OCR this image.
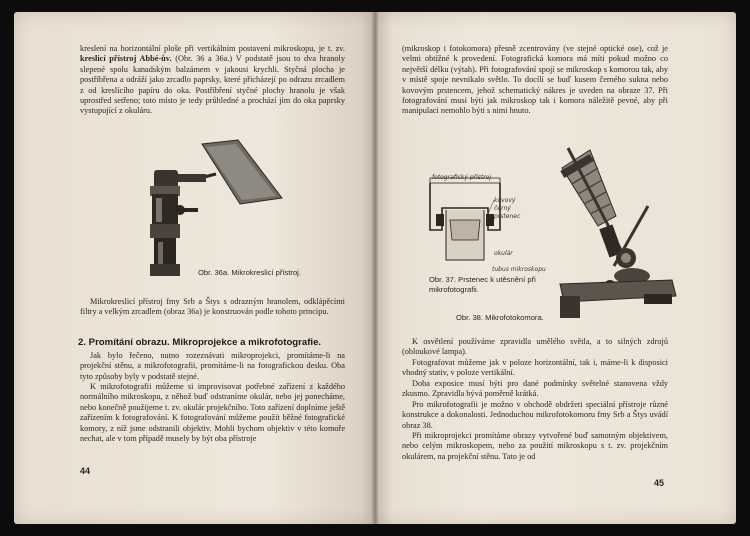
kreslení na horizontální ploše při vertikálním postavení mikroskopu, je t. zv. kreslicí přístroj Abbé-ův. (Obr. 36 a 36a.) V podstatě jsou to dva hranoly slepené spolu kanadským balzámem v jakousi krychli. Styčná plocha je postříbřena a odráží jako zrcadlo paprsky, které přicházejí po odrazu zrcadlem z od kreslícího papíru do oka. Postříbření styčné plochy hranolu je však uprostřed setřeno; toto místo je tedy průhledné a prochází jím do oka paprsky vystupující z okuláru.

Obr. 36a. Mikrokreslicí přístroj.
Mikrokreslicí přístroj fmy Srb a Štys s odrazným hranolem, odklápěcími filtry a velkým zrcadlem (obraz 36a) je konstruován podle tohoto principu.
2. Promítání obrazu. Mikroprojekce a mikrofotografie.
Jak bylo řečeno, nutno rozeznávati mikroprojekci, promítáme-li na projekční stěnu, a mikrofotografii, promítáme-li na fotografickou desku. Oba tyto způsoby byly v podstatě stejné.
K mikrofotografii můžeme si improvisovat potřebné zařízení z každého normálního mikroskopu, z něhož buď odstraníme okulár, nebo jej ponecháme, nebo konečně použijeme t. zv. okulár projekčního. Toto zařízení doplníme ještě zařízením k fotografování. K fotografování můžeme použít běžné fotografické komory, z níž jsme odstranili objektiv. Mohli bychom objektiv v této komoře nechat, ale v tom případě musely by být oba přístroje
44
(mikroskop i fotokomora) přesně zcentrovány (ve stejné optické ose), což je velmi obtížné k provedení. Fotografická komora má míti pokud možno co největší délku (výtah). Při fotografování spojí se mikroskop s komorou tak, aby v místě spoje nevnikalo světlo. To docílí se buď kusem černého sukna nebo kovovým prstencem, jehož schematický nákres je uveden na obraze 37. Při fotografování musí býti jak mikroskop tak i komora náležitě pevné, aby při manipulaci nemohlo býti s nimi hnuto.
fotografický přístroj
kovový černý prstenec
okulár
tubus mikroskopu
Obr. 37. Prstenec k utěsnění při mikrofotografii.
Obr. 38. Mikrofotokomora.
K osvětlení používáme zpravidla umělého světla, a to silných zdrojů (obloukové lampa).
Fotografovat můžeme jak v poloze horizontální, tak i, máme-li k disposici vhodný stativ, v poloze vertikální.
Doba exposice musí býti pro dané podmínky světelné stanovena vždy zkusmo. Zpravidla bývá poměrně krátká.
Pro mikrofotografii je možno v obchodě obdržeti speciální přístroje různé konstrukce a dokonalosti. Jednoduchou mikrofotokomoru fmy Srb a Štys uvádí obraz 38.
Při mikroprojekci promítáme obrazy vytvořené buď samotným objektivem, nebo celým mikroskopem, nebo za použití mikroskopu s t. zv. projekčním okulárem, na projekční stěnu. Tato je od
45
